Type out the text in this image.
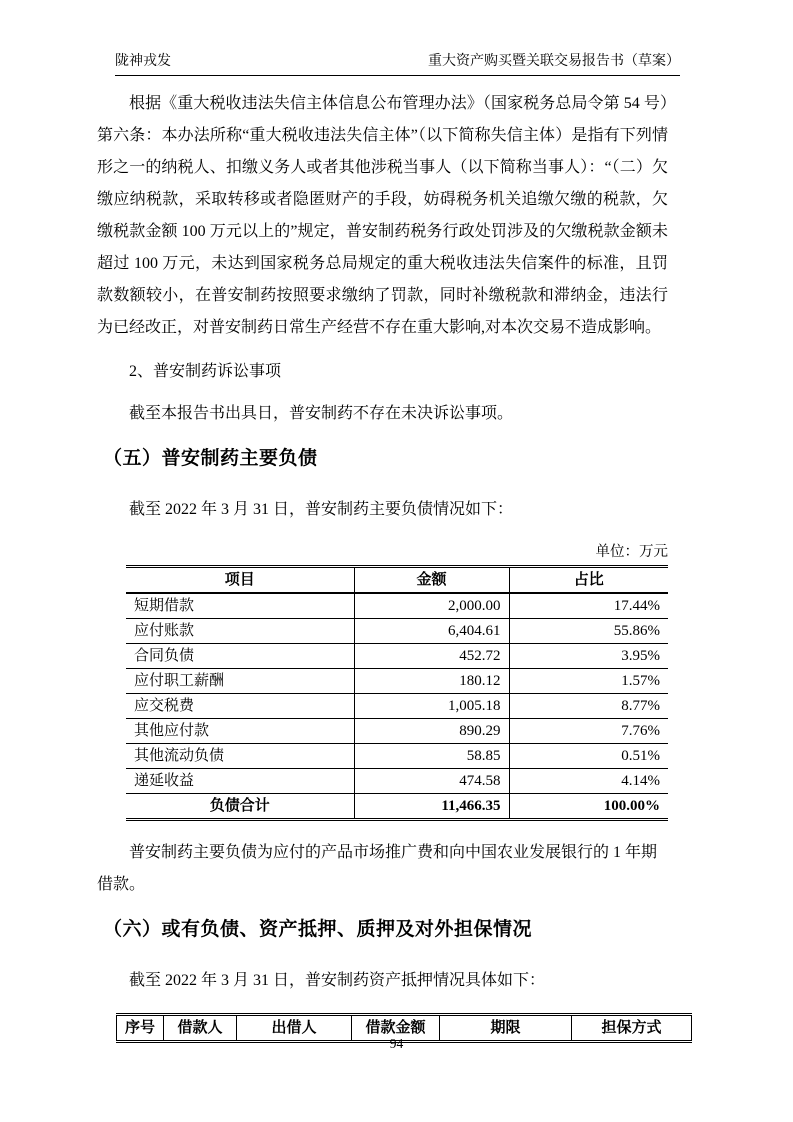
陇神戎发	重大资产购买暨关联交易报告书（草案）

根据《重大税收违法失信主体信息公布管理办法》（国家税务总局令第 54 号）第六条：本办法所称“重大税收违法失信主体”（以下简称失信主体）是指有下列情形之一的纳税人、扣缴义务人或者其他涉税当事人（以下简称当事人）：“（二）欠缴应纳税款，采取转移或者隐匿财产的手段，妨碍税务机关追缴欠缴的税款，欠缴税款金额 100 万元以上的”规定，普安制药税务行政处罚涉及的欠缴税款金额未超过 100 万元，未达到国家税务总局规定的重大税收违法失信案件的标准，且罚款数额较小，在普安制药按照要求缴纳了罚款，同时补缴税款和滞纳金，违法行为已经改正，对普安制药日常生产经营不存在重大影响,对本次交易不造成影响。

2、普安制药诉讼事项

截至本报告书出具日，普安制药不存在未决诉讼事项。

（五）普安制药主要负债

截至 2022 年 3 月 31 日，普安制药主要负债情况如下：

单位：万元
项目	金额	占比
短期借款	2,000.00	17.44%
应付账款	6,404.61	55.86%
合同负债	452.72	3.95%
应付职工薪酬	180.12	1.57%
应交税费	1,005.18	8.77%
其他应付款	890.29	7.76%
其他流动负债	58.85	0.51%
递延收益	474.58	4.14%
负债合计	11,466.35	100.00%

普安制药主要负债为应付的产品市场推广费和向中国农业发展银行的 1 年期借款。

（六）或有负债、资产抵押、质押及对外担保情况

截至 2022 年 3 月 31 日，普安制药资产抵押情况具体如下：

序号	借款人	出借人	借款金额	期限	担保方式
94
